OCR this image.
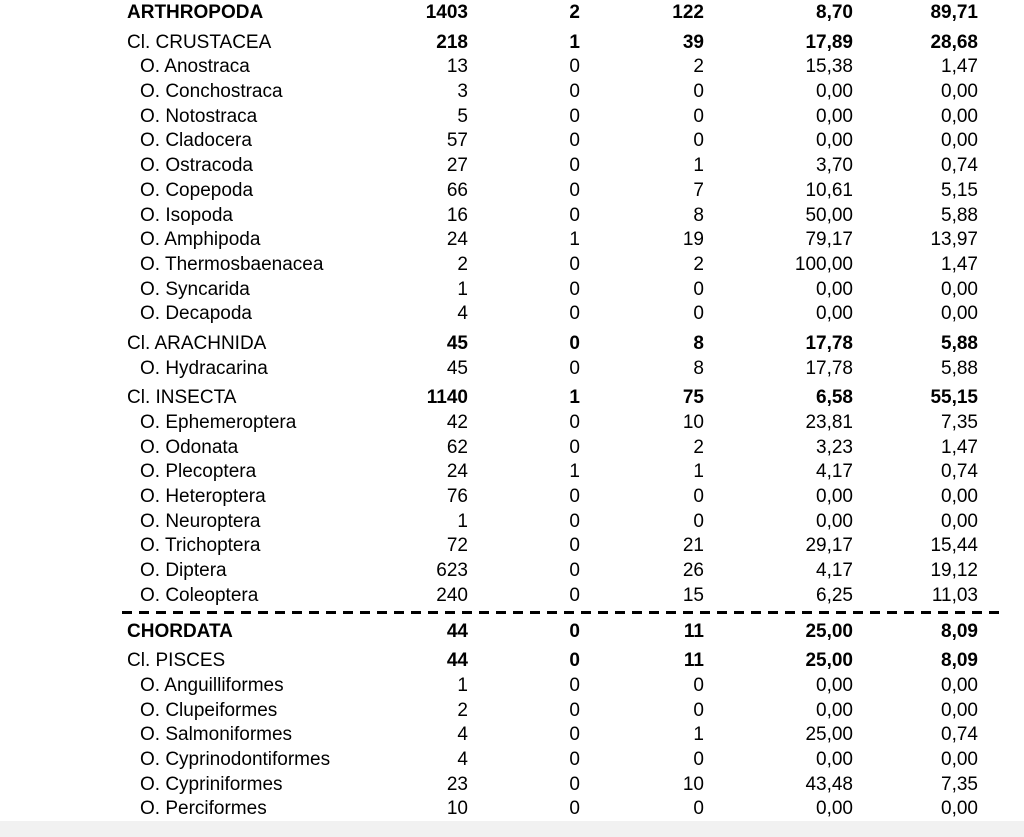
ARTHROPODA	1403	2	122	8,70	89,71
Cl. CRUSTACEA	218	1	39	17,89	28,68
O. Anostraca	13	0	2	15,38	1,47
O. Conchostraca	3	0	0	0,00	0,00
O. Notostraca	5	0	0	0,00	0,00
O. Cladocera	57	0	0	0,00	0,00
O. Ostracoda	27	0	1	3,70	0,74
O. Copepoda	66	0	7	10,61	5,15
O. Isopoda	16	0	8	50,00	5,88
O. Amphipoda	24	1	19	79,17	13,97
O. Thermosbaenacea	2	0	2	100,00	1,47
O. Syncarida	1	0	0	0,00	0,00
O. Decapoda	4	0	0	0,00	0,00
Cl. ARACHNIDA	45	0	8	17,78	5,88
O. Hydracarina	45	0	8	17,78	5,88
Cl. INSECTA	1140	1	75	6,58	55,15
O. Ephemeroptera	42	0	10	23,81	7,35
O. Odonata	62	0	2	3,23	1,47
O. Plecoptera	24	1	1	4,17	0,74
O. Heteroptera	76	0	0	0,00	0,00
O. Neuroptera	1	0	0	0,00	0,00
O. Trichoptera	72	0	21	29,17	15,44
O. Diptera	623	0	26	4,17	19,12
O. Coleoptera	240	0	15	6,25	11,03
CHORDATA	44	0	11	25,00	8,09
Cl. PISCES	44	0	11	25,00	8,09
O. Anguilliformes	1	0	0	0,00	0,00
O. Clupeiformes	2	0	0	0,00	0,00
O. Salmoniformes	4	0	1	25,00	0,74
O. Cyprinodontiformes	4	0	0	0,00	0,00
O. Cypriniformes	23	0	10	43,48	7,35
O. Perciformes	10	0	0	0,00	0,00
